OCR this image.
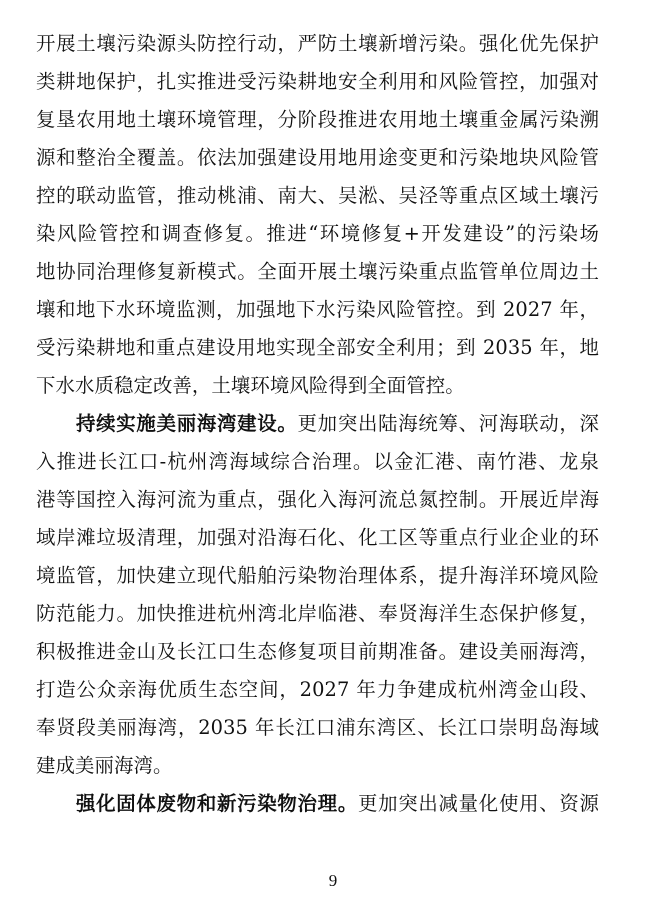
开展土壤污染源头防控行动，严防土壤新增污染。强化优先保护
类耕地保护，扎实推进受污染耕地安全利用和风险管控，加强对
复垦农用地土壤环境管理，分阶段推进农用地土壤重金属污染溯
源和整治全覆盖。依法加强建设用地用途变更和污染地块风险管
控的联动监管，推动桃浦、南大、吴淞、吴泾等重点区域土壤污
染风险管控和调查修复。推进“环境修复+开发建设”的污染场
地协同治理修复新模式。全面开展土壤污染重点监管单位周边土
壤和地下水环境监测，加强地下水污染风险管控。到 2027 年，
受污染耕地和重点建设用地实现全部安全利用；到 2035 年，地
下水水质稳定改善，土壤环境风险得到全面管控。
持续实施美丽海湾建设。更加突出陆海统筹、河海联动，深
入推进长江口-杭州湾海域综合治理。以金汇港、南竹港、龙泉
港等国控入海河流为重点，强化入海河流总氮控制。开展近岸海
域岸滩垃圾清理，加强对沿海石化、化工区等重点行业企业的环
境监管，加快建立现代船舶污染物治理体系，提升海洋环境风险
防范能力。加快推进杭州湾北岸临港、奉贤海洋生态保护修复，
积极推进金山及长江口生态修复项目前期准备。建设美丽海湾，
打造公众亲海优质生态空间，2027 年力争建成杭州湾金山段、
奉贤段美丽海湾，2035 年长江口浦东湾区、长江口崇明岛海域
建成美丽海湾。
强化固体废物和新污染物治理。更加突出减量化使用、资源
9
